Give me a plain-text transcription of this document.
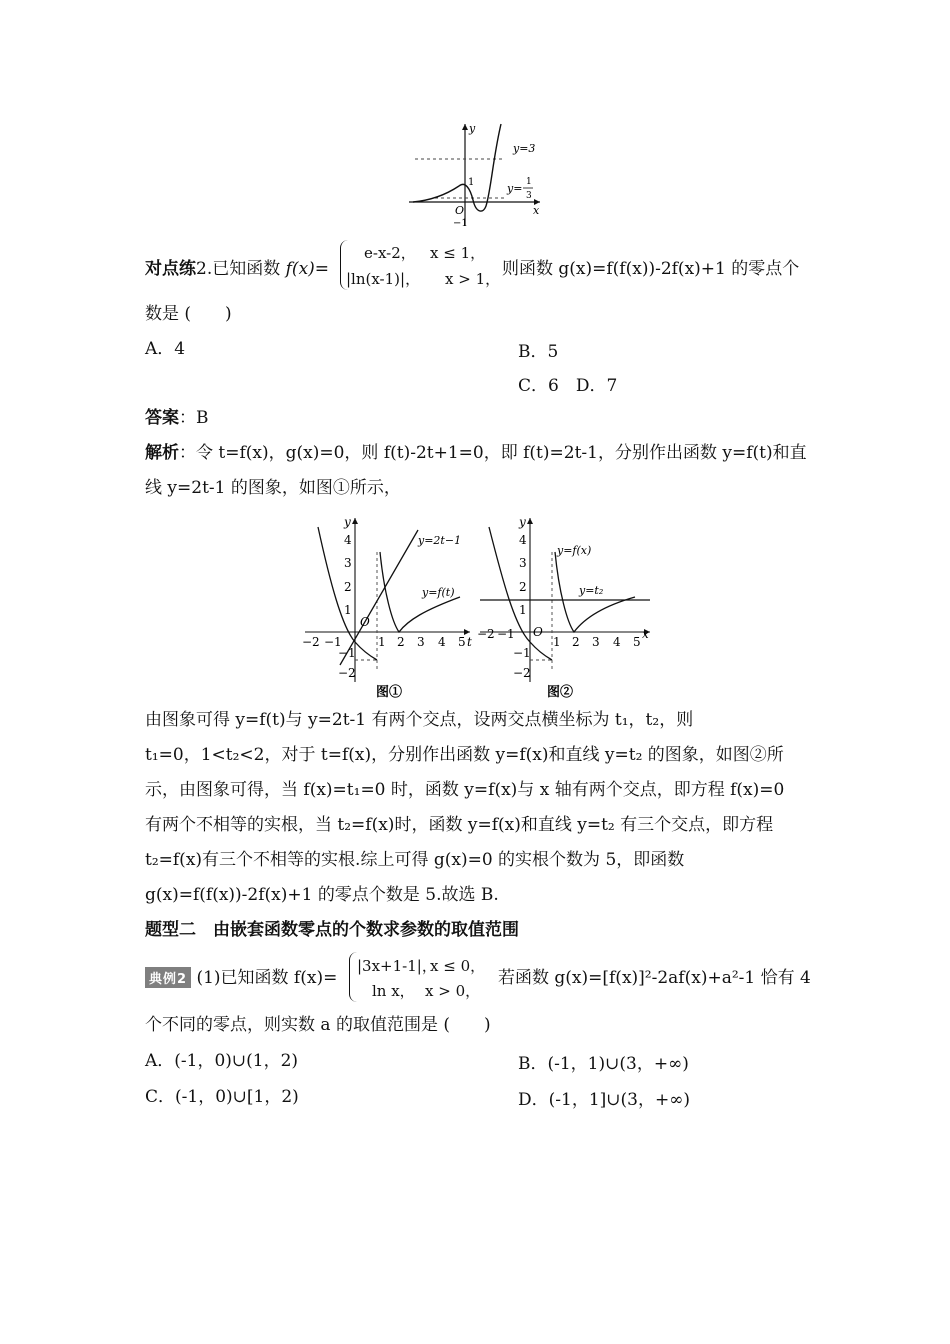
y
x
y=3
y= 1
3
1
−1
O
对点练2.已知函数 f(x)=
e-x-2， x ≤ 1，
|ln(x-1)|， x > 1， 则函数 g(x)=f(f(x))-2f(x)+1 的零点个
数是 (　　)
A．4	B．5
C．6　D．7
答案：B
解析：令 t=f(x)，g(x)=0，则 f(t)-2t+1=0，即 f(t)=2t-1，分别作出函数 y=f(t)和直
线 y=2t-1 的图象，如图①所示，
−2 −1	1 2 3 4 5
4
3
2
1
−1
−2
O
y
t
y=2t−1
y=f(t)
图①
−2 −1
1 2 3 4 5
4
3
2
1
−1
−2
O
y
x
y=f(x)
y=t₂
图②
由图象可得 y=f(t)与 y=2t-1 有两个交点，设两交点横坐标为 t₁，t₂，则
t₁=0，1<t₂<2，对于 t=f(x)，分别作出函数 y=f(x)和直线 y=t₂ 的图象，如图②所
示，由图象可得，当 f(x)=t₁=0 时，函数 y=f(x)与 x 轴有两个交点，即方程 f(x)=0
有两个不相等的实根，当 t₂=f(x)时，函数 y=f(x)和直线 y=t₂ 有三个交点，即方程
t₂=f(x)有三个不相等的实根.综上可得 g(x)=0 的实根个数为 5，即函数
g(x)=f(f(x))-2f(x)+1 的零点个数是 5.故选 B.
题型二　由嵌套函数零点的个数求参数的取值范围
典例2 (1)已知函数 f(x)=
|3x+1-1|，
x ≤ 0，
ln x， x > 0，
若函数 g(x)=[f(x)]²-2af(x)+a²-1 恰有 4
个不同的零点，则实数 a 的取值范围是 (　　)
A．(-1，0)∪(1，2)	B．(-1，1)∪(3，+∞)
C．(-1，0)∪[1，2)	D．(-1，1]∪(3，+∞)
